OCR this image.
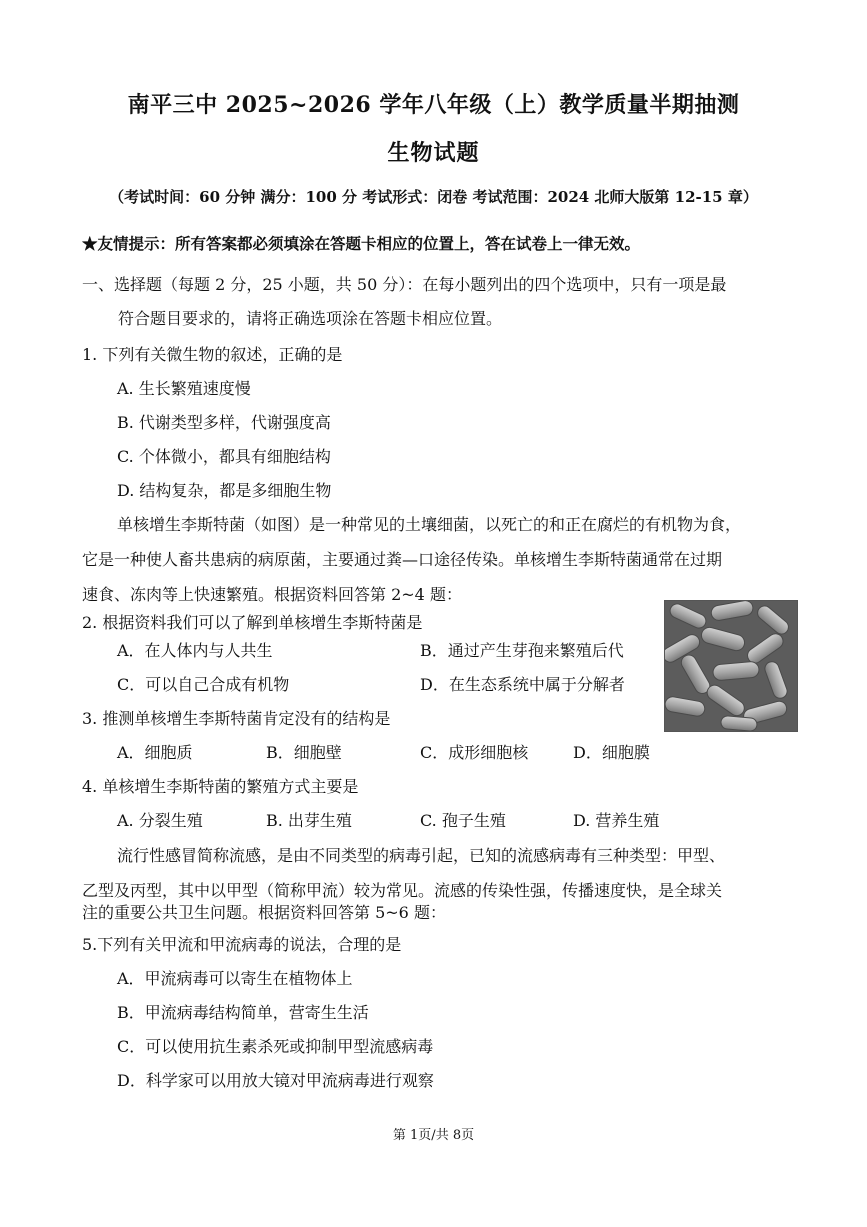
南平三中 2025~2026 学年八年级（上）教学质量半期抽测
生物试题
（考试时间：60 分钟 满分：100 分 考试形式：闭卷 考试范围：2024 北师大版第 12-15 章）
★友情提示：所有答案都必须填涂在答题卡相应的位置上，答在试卷上一律无效。
一、选择题（每题 2 分，25 小题，共 50 分）：在每小题列出的四个选项中，只有一项是最
符合题目要求的，请将正确选项涂在答题卡相应位置。
1. 下列有关微生物的叙述，正确的是
A. 生长繁殖速度慢
B. 代谢类型多样，代谢强度高
C. 个体微小，都具有细胞结构
D. 结构复杂，都是多细胞生物
单核增生李斯特菌（如图）是一种常见的土壤细菌，以死亡的和正在腐烂的有机物为食，
它是一种使人畜共患病的病原菌，主要通过粪—口途径传染。单核增生李斯特菌通常在过期
速食、冻肉等上快速繁殖。根据资料回答第 2~4 题：
2. 根据资料我们可以了解到单核增生李斯特菌是
A．在人体内与人共生	B．通过产生芽孢来繁殖后代
C．可以自己合成有机物	D．在生态系统中属于分解者
3. 推测单核增生李斯特菌肯定没有的结构是
A．细胞质	B．细胞壁	C．成形细胞核	D．细胞膜
4. 单核增生李斯特菌的繁殖方式主要是
A. 分裂生殖	B. 出芽生殖	C. 孢子生殖	D. 营养生殖
流行性感冒简称流感，是由不同类型的病毒引起，已知的流感病毒有三种类型：甲型、
乙型及丙型，其中以甲型（简称甲流）较为常见。流感的传染性强，传播速度快，是全球关
注的重要公共卫生问题。根据资料回答第 5~6 题：
5.下列有关甲流和甲流病毒的说法，合理的是
A．甲流病毒可以寄生在植物体上
B．甲流病毒结构简单，营寄生生活
C．可以使用抗生素杀死或抑制甲型流感病毒
D．科学家可以用放大镜对甲流病毒进行观察
第 1页/共 8页
